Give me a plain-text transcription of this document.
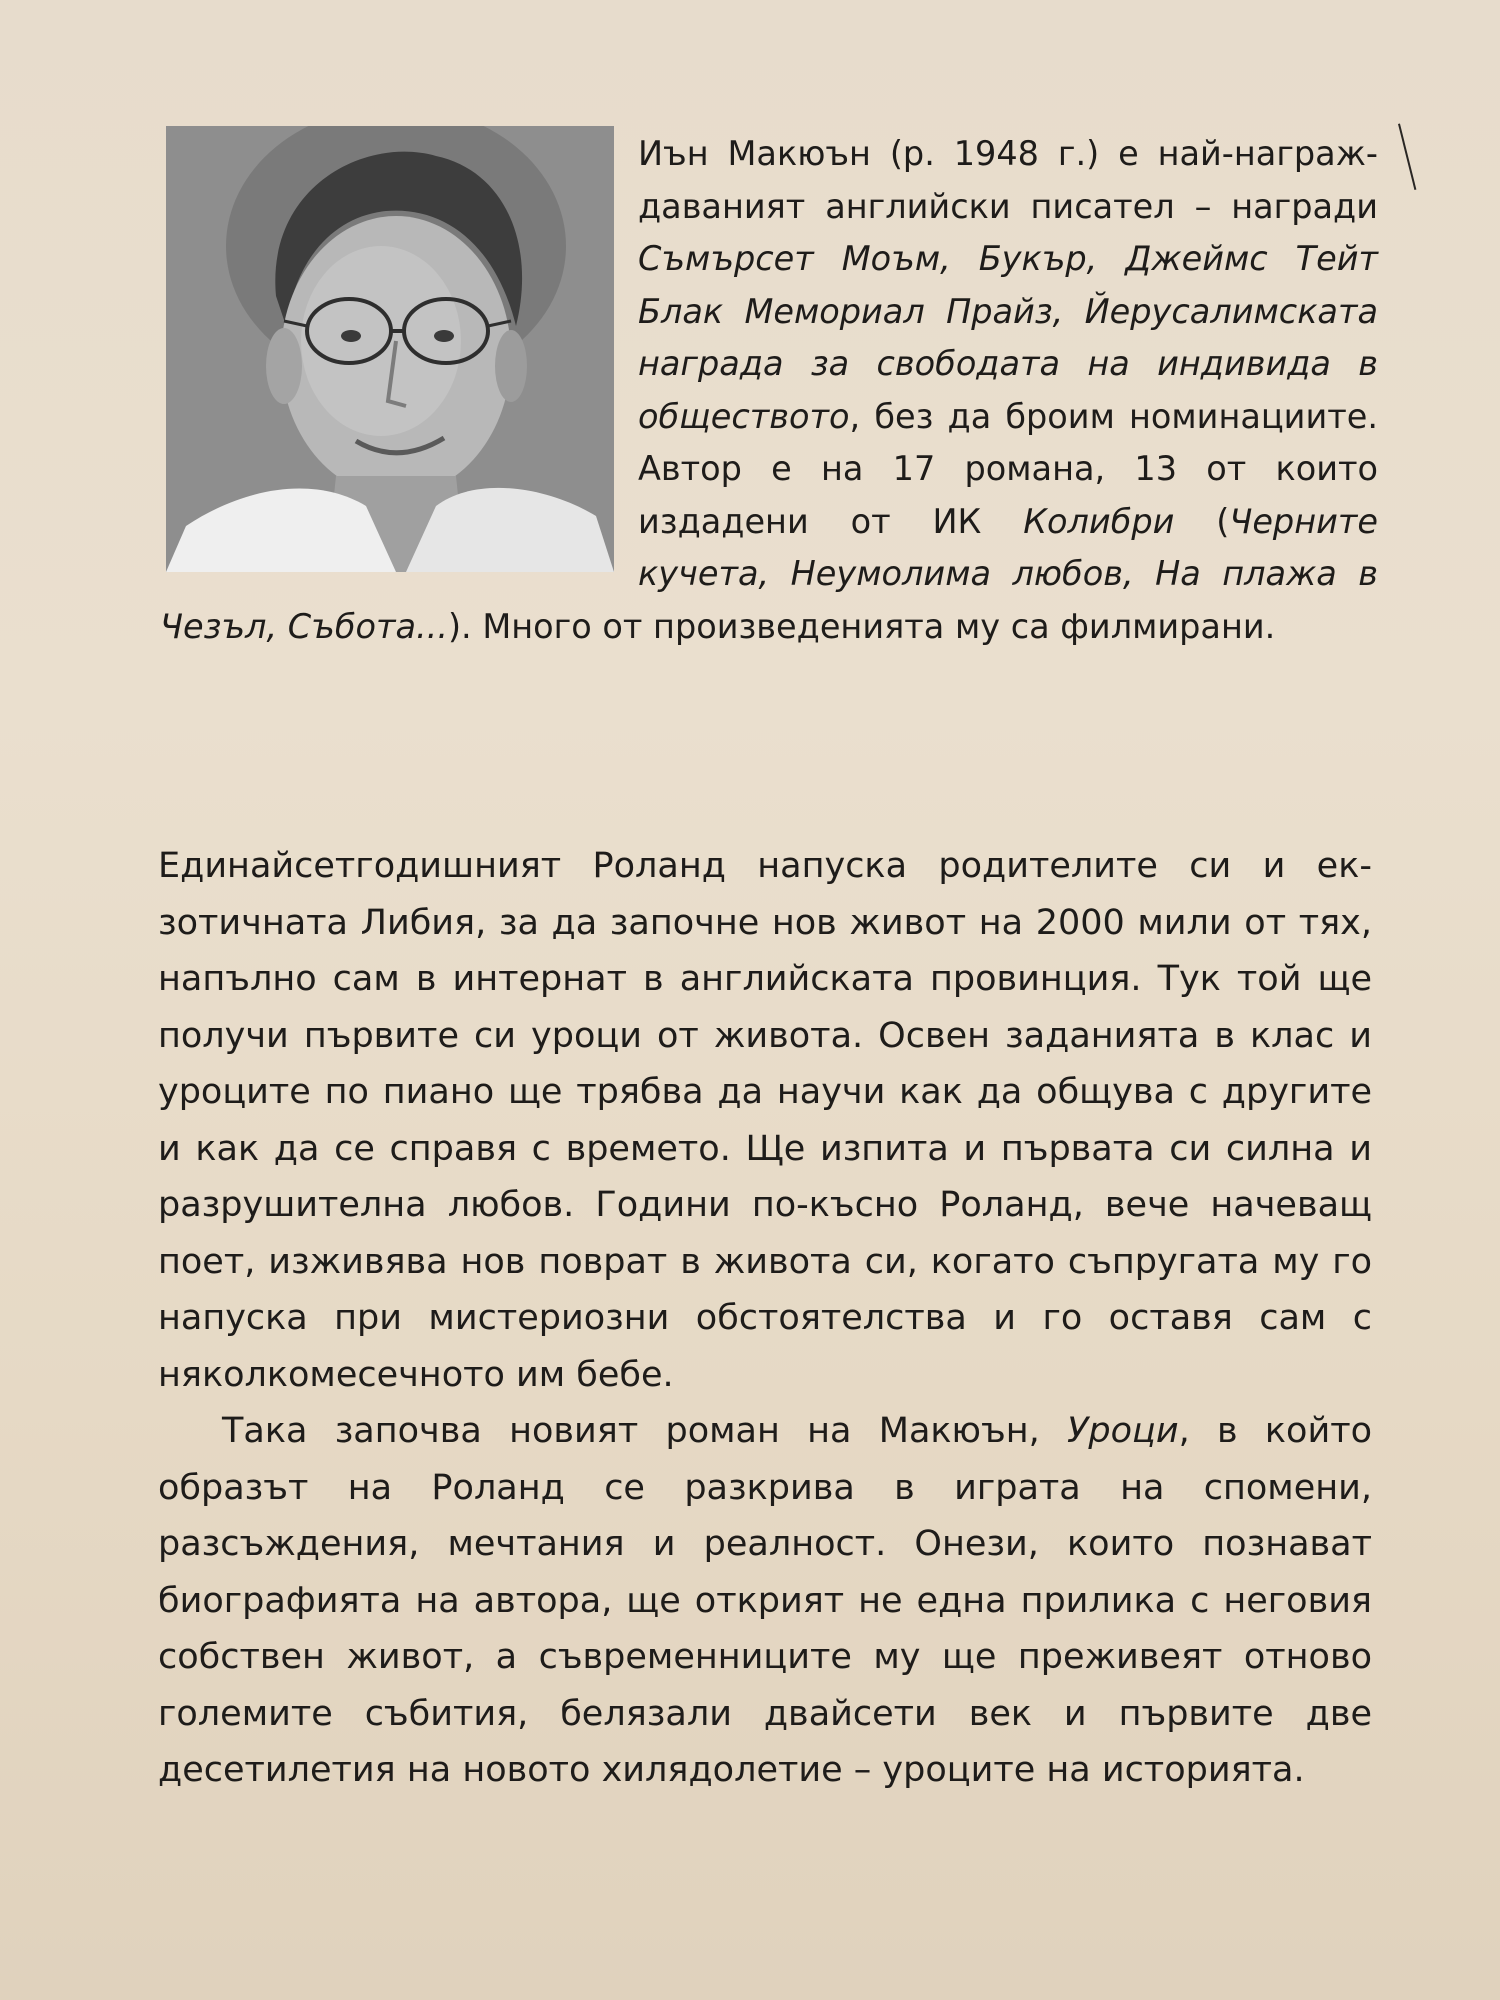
Иън Макюън (р. 1948 г.) е най-награждаваният английски писател – награди Съмърсет Моъм, Букър, Джеймс Тейт Блак Мемориал Прайз, Йерусалимската награда за свободата на индивида в обществото, без да броим номинациите. Автор е на 17 романа, 13 от които издадени от ИК Колибри (Черните кучета, Неумолима любов, На плажа в Чезъл, Събота...). Много от произведенията му са филмирани.

Единайсетгодишният Роланд напуска родителите си и екзотичната Либия, за да започне нов живот на 2000 мили от тях, напълно сам в интернат в английската провинция. Тук той ще получи първите си уроци от живота. Освен заданията в клас и уроците по пиано ще трябва да научи как да общува с другите и как да се справя с времето. Ще изпита и първата си силна и разрушителна любов. Години по-късно Роланд, вече начеващ поет, изживява нов поврат в живота си, когато съпругата му го напуска при мистериозни обстоятелства и го оставя сам с няколкомесечното им бебе.

Така започва новият роман на Макюън, Уроци, в който образът на Роланд се разкрива в играта на спомени, разсъждения, мечтания и реалност. Онези, които познават биографията на автора, ще открият не една прилика с неговия собствен живот, а съвременниците му ще преживеят отново големите събития, белязали двайсети век и първите две десетилетия на новото хилядолетие – уроците на историята.
